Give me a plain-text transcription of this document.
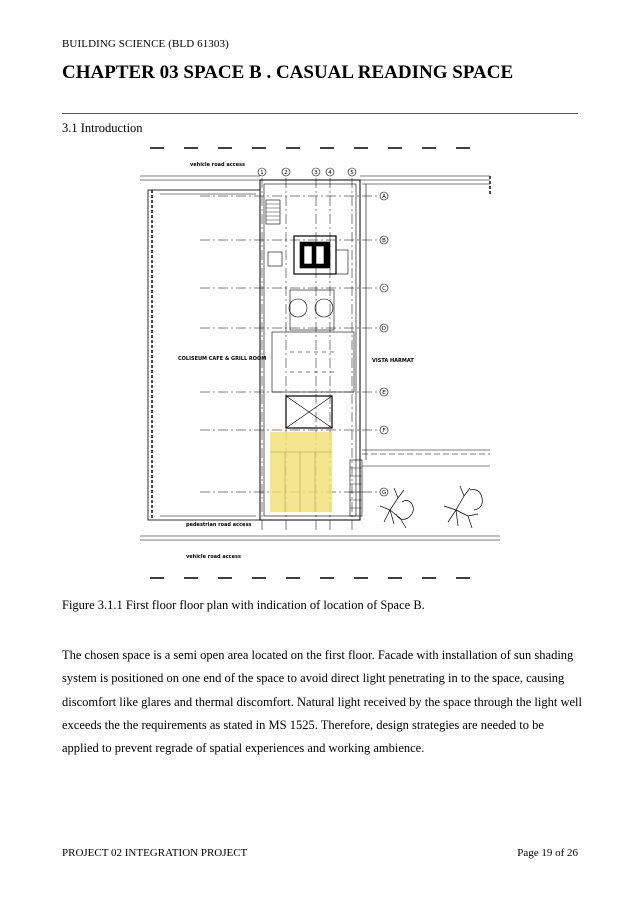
BUILDING SCIENCE (BLD 61303)
CHAPTER 03 SPACE B . CASUAL READING SPACE
3.1 Introduction
1	2	3 4	5
A
B
C
D
E
F
G
vehicle road access
COLISEUM CAFE & GRILL ROOM	VISTA HARMAT
pedestrian road access
vehicle road access
Figure 3.1.1 First floor floor plan with indication of location of Space B.

The chosen space is a semi open area located on the first floor. Facade with installation of sun shading system is positioned on one end of the space to avoid direct light penetrating in to the space, causing discomfort like glares and thermal discomfort. Natural light received by the space through the light well exceeds the the requirements as stated in MS 1525. Therefore, design strategies are needed to be applied to prevent regrade of spatial experiences and working ambience.

PROJECT 02 INTEGRATION PROJECT	Page 19 of 26
